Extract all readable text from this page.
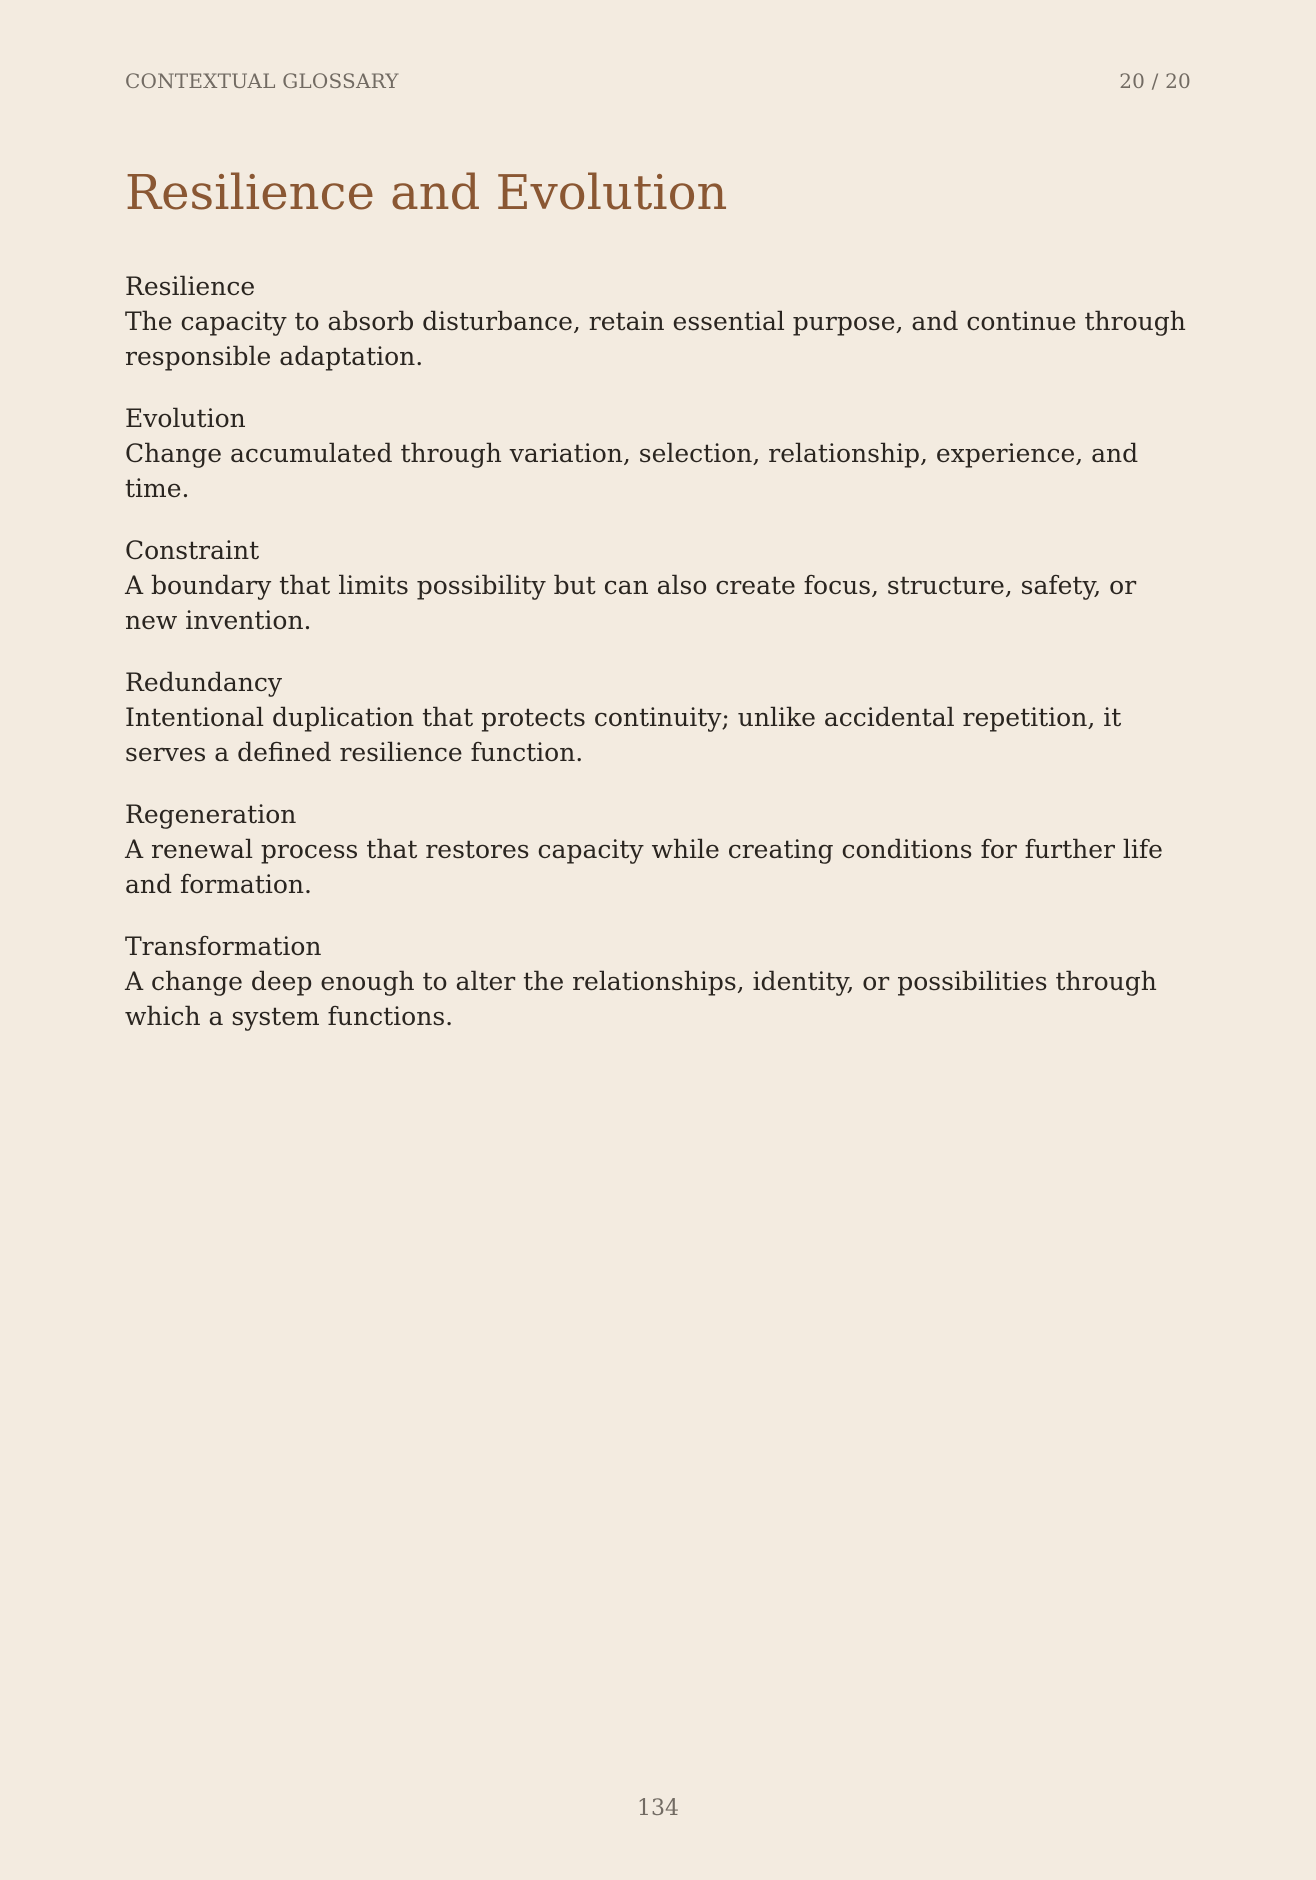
CONTEXTUAL GLOSSARY	20 / 20
Resilience and Evolution

Resilience

The capacity to absorb disturbance, retain essential purpose, and continue through responsible adaptation.

Evolution

Change accumulated through variation, selection, relationship, experience, and time.

Constraint

A boundary that limits possibility but can also create focus, structure, safety, or new invention.

Redundancy

Intentional duplication that protects continuity; unlike accidental repetition, it serves a defined resilience function.

Regeneration

A renewal process that restores capacity while creating conditions for further life and formation.

Transformation

A change deep enough to alter the relationships, identity, or possibilities through which a system functions.

134
